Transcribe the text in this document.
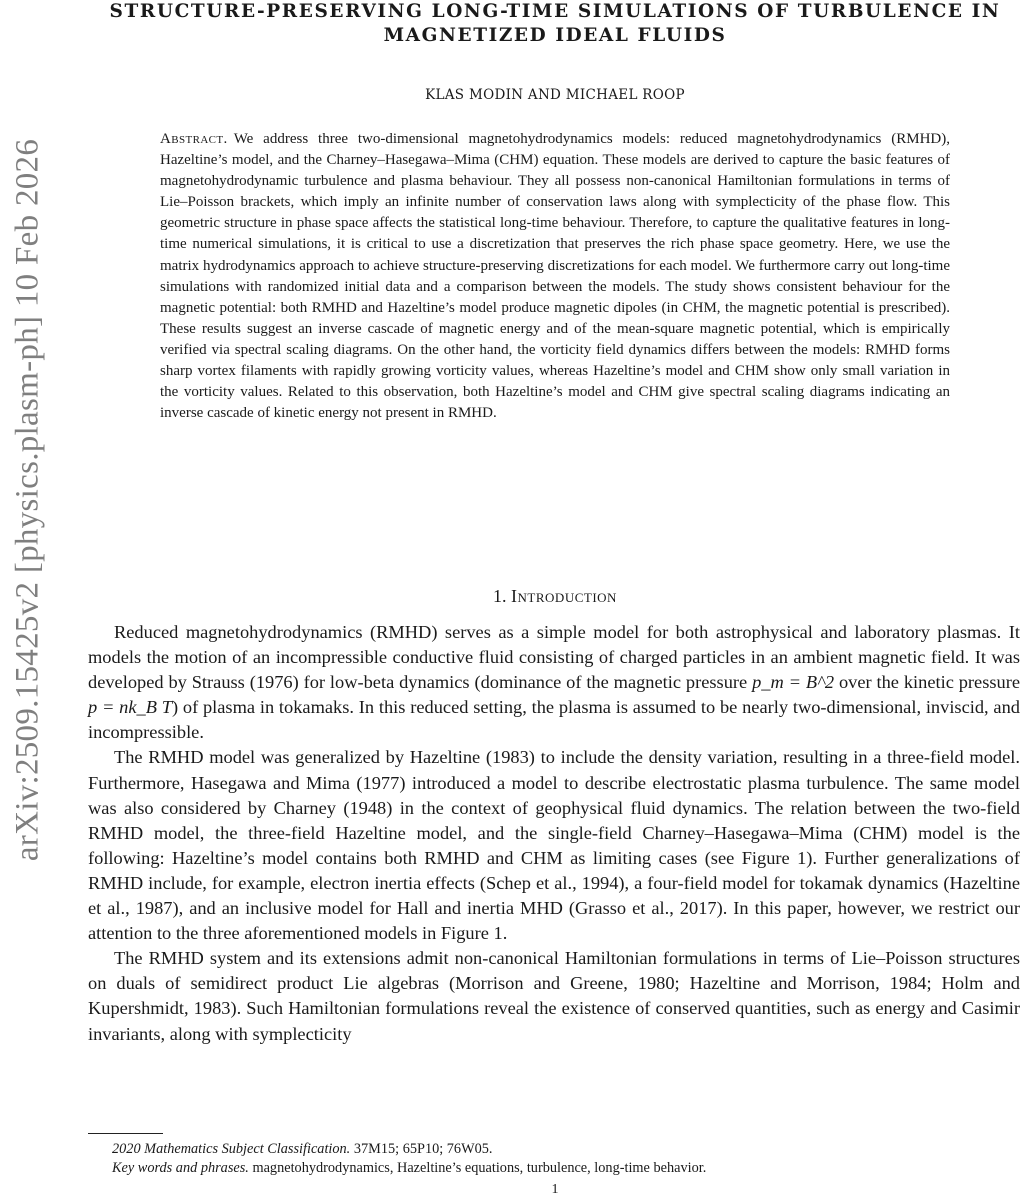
arXiv:2509.15425v2 [physics.plasm-ph] 10 Feb 2026
STRUCTURE-PRESERVING LONG-TIME SIMULATIONS OF TURBULENCE IN
MAGNETIZED IDEAL FLUIDS
KLAS MODIN AND MICHAEL ROOP
Abstract. We address three two-dimensional magnetohydrodynamics models: reduced magnetohydrodynamics (RMHD), Hazeltine’s model, and the Charney–Hasegawa–Mima (CHM) equation. These models are derived to capture the basic features of magnetohydrodynamic turbulence and plasma behaviour. They all possess non-canonical Hamiltonian formulations in terms of Lie–Poisson brackets, which imply an infinite number of conservation laws along with symplecticity of the phase flow. This geometric structure in phase space affects the statistical long-time behaviour. Therefore, to capture the qualitative features in long-time numerical simulations, it is critical to use a discretization that preserves the rich phase space geometry. Here, we use the matrix hydrodynamics approach to achieve structure-preserving discretizations for each model. We furthermore carry out long-time simulations with randomized initial data and a comparison between the models. The study shows consistent behaviour for the magnetic potential: both RMHD and Hazeltine’s model produce magnetic dipoles (in CHM, the magnetic potential is prescribed). These results suggest an inverse cascade of magnetic energy and of the mean-square magnetic potential, which is empirically verified via spectral scaling diagrams. On the other hand, the vorticity field dynamics differs between the models: RMHD forms sharp vortex filaments with rapidly growing vorticity values, whereas Hazeltine’s model and CHM show only small variation in the vorticity values. Related to this observation, both Hazeltine’s model and CHM give spectral scaling diagrams indicating an inverse cascade of kinetic energy not present in RMHD.
1. Introduction

Reduced magnetohydrodynamics (RMHD) serves as a simple model for both astrophysical and laboratory plasmas. It models the motion of an incompressible conductive fluid consisting of charged particles in an ambient magnetic field. It was developed by Strauss (1976) for low-beta dynamics (dominance of the magnetic pressure p_m = B^2 over the kinetic pressure p = nk_B T) of plasma in tokamaks. In this reduced setting, the plasma is assumed to be nearly two-dimensional, inviscid, and incompressible.

The RMHD model was generalized by Hazeltine (1983) to include the density variation, resulting in a three-field model. Furthermore, Hasegawa and Mima (1977) introduced a model to describe electrostatic plasma turbulence. The same model was also considered by Charney (1948) in the context of geophysical fluid dynamics. The relation between the two-field RMHD model, the three-field Hazeltine model, and the single-field Charney–Hasegawa–Mima (CHM) model is the following: Hazeltine’s model contains both RMHD and CHM as limiting cases (see Figure 1). Further generalizations of RMHD include, for example, electron inertia effects (Schep et al., 1994), a four-field model for tokamak dynamics (Hazeltine et al., 1987), and an inclusive model for Hall and inertia MHD (Grasso et al., 2017). In this paper, however, we restrict our attention to the three aforementioned models in Figure 1.

The RMHD system and its extensions admit non-canonical Hamiltonian formulations in terms of Lie–Poisson structures on duals of semidirect product Lie algebras (Morrison and Greene, 1980; Hazeltine and Morrison, 1984; Holm and Kupershmidt, 1983). Such Hamiltonian formulations reveal the existence of conserved quantities, such as energy and Casimir invariants, along with symplecticity

2020 Mathematics Subject Classification. 37M15; 65P10; 76W05.

Key words and phrases. magnetohydrodynamics, Hazeltine’s equations, turbulence, long-time behavior.

1
